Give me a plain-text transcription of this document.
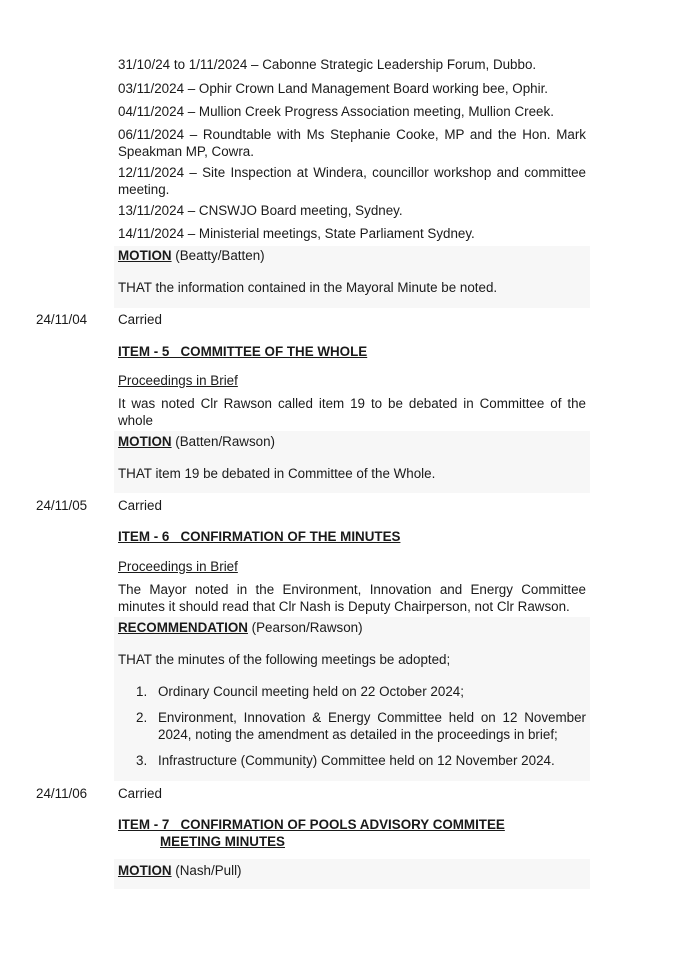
31/10/24 to 1/11/2024 – Cabonne Strategic Leadership Forum, Dubbo.

03/11/2024 – Ophir Crown Land Management Board working bee, Ophir.

04/11/2024 – Mullion Creek Progress Association meeting, Mullion Creek.

06/11/2024 – Roundtable with Ms Stephanie Cooke, MP and the Hon. Mark Speakman MP, Cowra.

12/11/2024 – Site Inspection at Windera, councillor workshop and committee meeting.

13/11/2024 – CNSWJO Board meeting, Sydney.

14/11/2024 – Ministerial meetings, State Parliament Sydney.

MOTION (Beatty/Batten)

THAT the information contained in the Mayoral Minute be noted.

24/11/04 Carried

ITEM - 5   COMMITTEE OF THE WHOLE

Proceedings in Brief

It was noted Clr Rawson called item 19 to be debated in Committee of the whole

MOTION (Batten/Rawson)

THAT item 19 be debated in Committee of the Whole.

24/11/05 Carried

ITEM - 6   CONFIRMATION OF THE MINUTES

Proceedings in Brief

The Mayor noted in the Environment, Innovation and Energy Committee minutes it should read that Clr Nash is Deputy Chairperson, not Clr Rawson.

RECOMMENDATION (Pearson/Rawson)

THAT the minutes of the following meetings be adopted;

1. Ordinary Council meeting held on 22 October 2024;
2. Environment, Innovation & Energy Committee held on 12 November 2024, noting the amendment as detailed in the proceedings in brief;
3. Infrastructure (Community) Committee held on 12 November 2024.
24/11/06 Carried

ITEM - 7   CONFIRMATION OF POOLS ADVISORY COMMITEE

MEETING MINUTES

MOTION (Nash/Pull)
